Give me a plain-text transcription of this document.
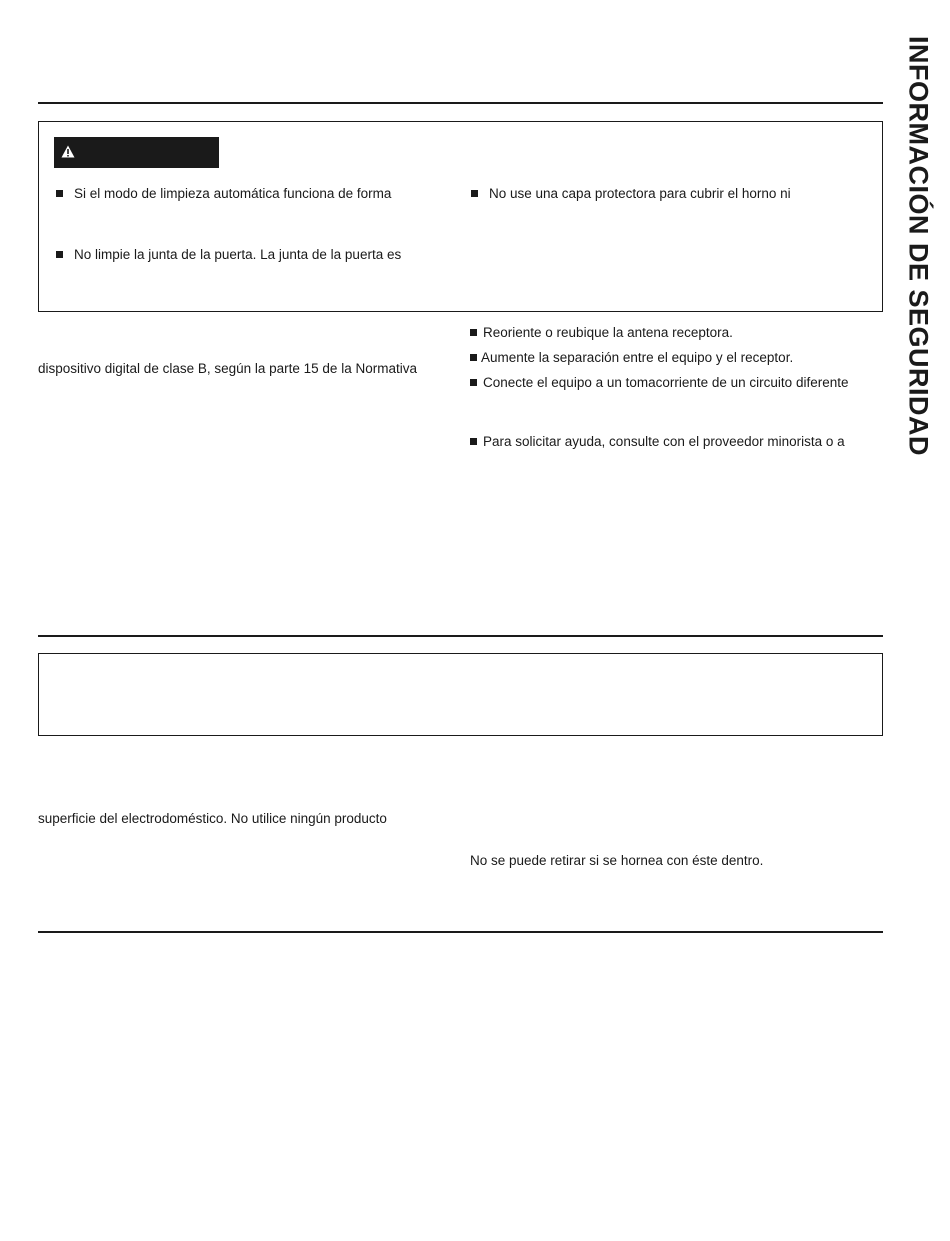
Si el modo de limpieza automática funciona de forma
No limpie la junta de la puerta. La junta de la puerta es
No use una capa protectora para cubrir el horno ni
dispositivo digital de clase B, según la parte 15 de la Normativa
Reoriente o reubique la antena receptora.
Aumente la separación entre el equipo y el receptor.
Conecte el equipo a un tomacorriente de un circuito diferente
Para solicitar ayuda, consulte con el proveedor minorista o a
superficie del electrodoméstico. No utilice ningún producto
No se puede retirar si se hornea con éste dentro.
INFORMACIÓN DE SEGURIDAD
